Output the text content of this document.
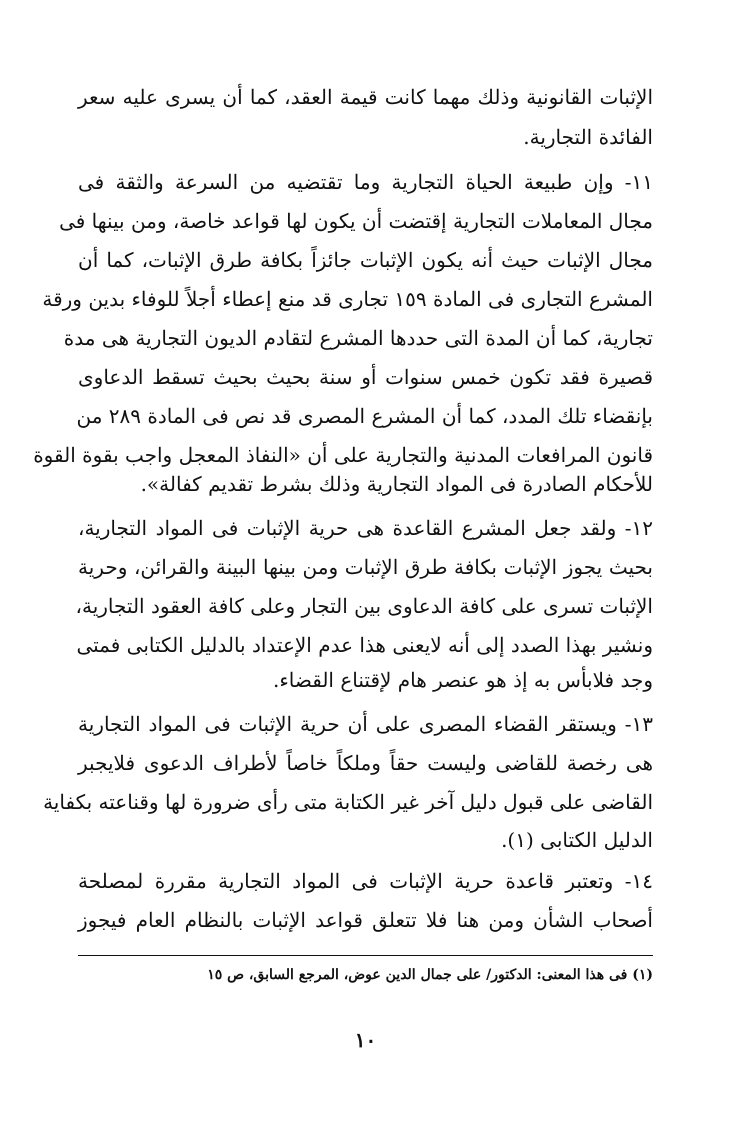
الإثبات القانونية وذلك مهما كانت قيمة العقد، كما أن يسرى عليه سعر
الفائدة التجارية.
١١- وإن طبيعة الحياة التجارية وما تقتضيه من السرعة والثقة فى
مجال المعاملات التجارية إقتضت أن يكون لها قواعد خاصة، ومن بينها فى
مجال الإثبات حيث أنه يكون الإثبات جائزاً بكافة طرق الإثبات، كما أن
المشرع التجارى فى المادة ١٥٩ تجارى قد منع إعطاء أجلاً للوفاء بدين ورقة
تجارية، كما أن المدة التى حددها المشرع لتقادم الديون التجارية هى مدة
قصيرة فقد تكون خمس سنوات أو سنة بحيث بحيث تسقط الدعاوى
بإنقضاء تلك المدد، كما أن المشرع المصرى قد نص فى المادة ٢٨٩ من
قانون المرافعات المدنية والتجارية على أن «النفاذ المعجل واجب بقوة القوة
للأحكام الصادرة فى المواد التجارية وذلك بشرط تقديم كفالة».
١٢- ولقد جعل المشرع القاعدة هى حرية الإثبات فى المواد التجارية،
بحيث يجوز الإثبات بكافة طرق الإثبات ومن بينها البينة والقرائن، وحرية
الإثبات تسرى على كافة الدعاوى بين التجار وعلى كافة العقود التجارية،
ونشير بهذا الصدد إلى أنه لايعنى هذا عدم الإعتداد بالدليل الكتابى فمتى
وجد فلابأس به إذ هو عنصر هام لإقتناع القضاء.
١٣- ويستقر القضاء المصرى على أن حرية الإثبات فى المواد التجارية
هى رخصة للقاضى وليست حقاً وملكاً خاصاً لأطراف الدعوى فلايجبر
القاضى على قبول دليل آخر غير الكتابة متى رأى ضرورة لها وقناعته بكفاية
الدليل الكتابى (١).
١٤- وتعتبر قاعدة حرية الإثبات فى المواد التجارية مقررة لمصلحة
أصحاب الشأن ومن هنا فلا تتعلق قواعد الإثبات بالنظام العام فيجوز
(١) فى هذا المعنى: الدكتور/ على جمال الدين عوض، المرجع السابق، ص ١٥
١٠
